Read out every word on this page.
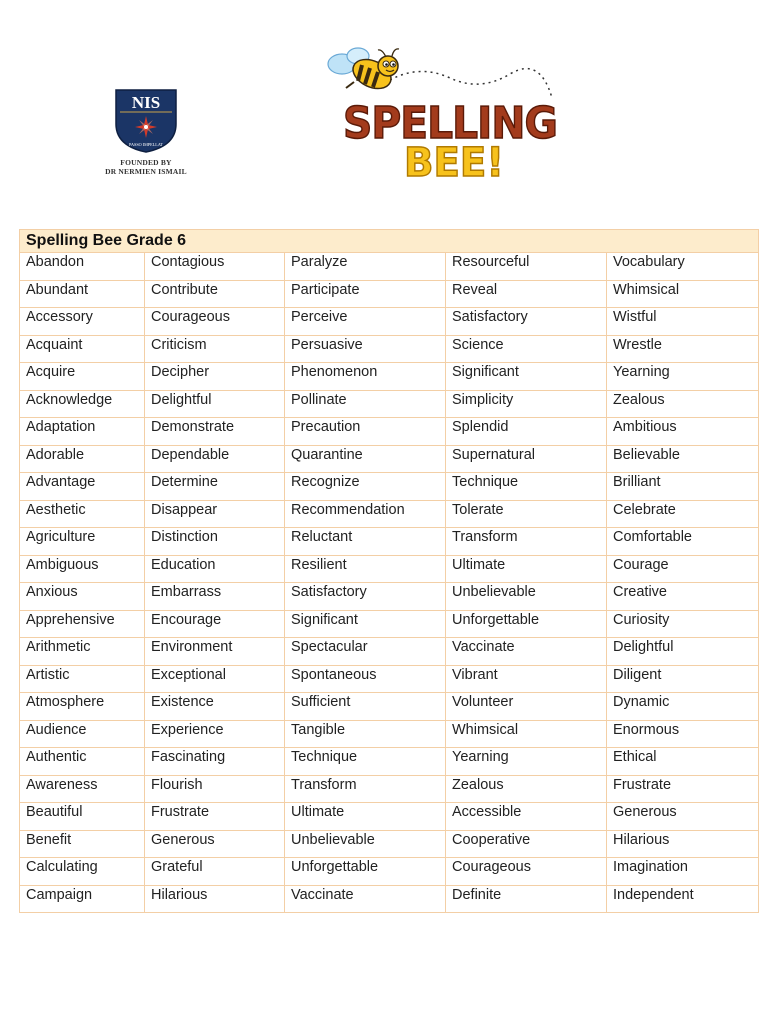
NIS
PASSO IMPELLAT
FOUNDED BY
DR NERMIEN ISMAIL
SPELLING
BEE!
Spelling Bee Grade 6				
Abandon	Contagious	Paralyze	Resourceful	Vocabulary
Abundant	Contribute	Participate	Reveal	Whimsical
Accessory	Courageous	Perceive	Satisfactory	Wistful
Acquaint	Criticism	Persuasive	Science	Wrestle
Acquire	Decipher	Phenomenon	Significant	Yearning
Acknowledge	Delightful	Pollinate	Simplicity	Zealous
Adaptation	Demonstrate	Precaution	Splendid	Ambitious
Adorable	Dependable	Quarantine	Supernatural	Believable
Advantage	Determine	Recognize	Technique	Brilliant
Aesthetic	Disappear	Recommendation	Tolerate	Celebrate
Agriculture	Distinction	Reluctant	Transform	Comfortable
Ambiguous	Education	Resilient	Ultimate	Courage
Anxious	Embarrass	Satisfactory	Unbelievable	Creative
Apprehensive	Encourage	Significant	Unforgettable	Curiosity
Arithmetic	Environment	Spectacular	Vaccinate	Delightful
Artistic	Exceptional	Spontaneous	Vibrant	Diligent
Atmosphere	Existence	Sufficient	Volunteer	Dynamic
Audience	Experience	Tangible	Whimsical	Enormous
Authentic	Fascinating	Technique	Yearning	Ethical
Awareness	Flourish	Transform	Zealous	Frustrate
Beautiful	Frustrate	Ultimate	Accessible	Generous
Benefit	Generous	Unbelievable	Cooperative	Hilarious
Calculating	Grateful	Unforgettable	Courageous	Imagination
Campaign	Hilarious	Vaccinate	Definite	Independent
